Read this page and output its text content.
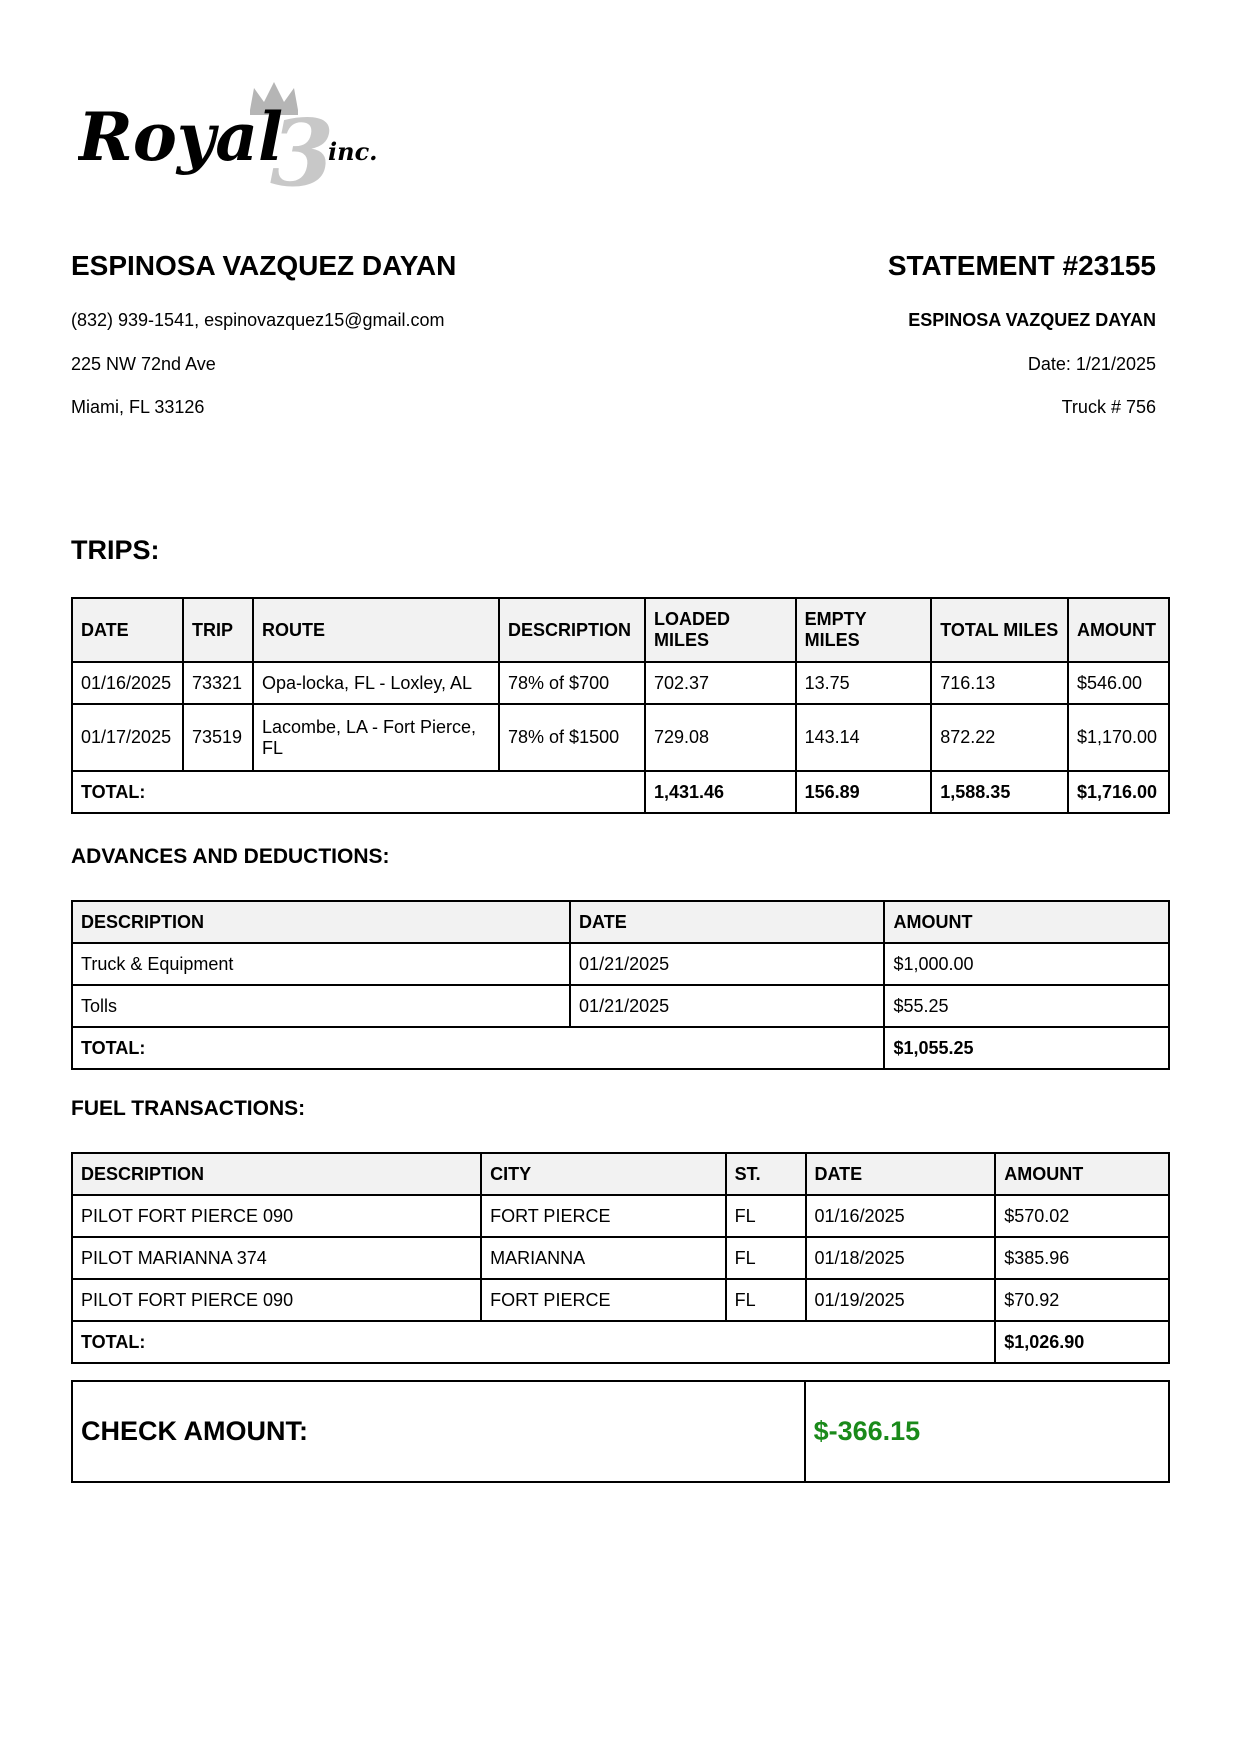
3
Royal inc.
ESPINOSA VAZQUEZ DAYAN
(832) 939-1541, espinovazquez15@gmail.com
225 NW 72nd Ave
Miami, FL 33126
STATEMENT #23155
ESPINOSA VAZQUEZ DAYAN
Date: 1/21/2025
Truck # 756
TRIPS:
DATE	TRIP	ROUTE	DESCRIPTION	LOADED MILES	EMPTY MILES	TOTAL MILES	AMOUNT
01/16/2025	73321	Opa-locka, FL - Loxley, AL	78% of $700	702.37	13.75	716.13	$546.00
01/17/2025	73519	Lacombe, LA - Fort Pierce, FL	78% of $1500	729.08	143.14	872.22	$1,170.00
TOTAL:				1,431.46	156.89	1,588.35	$1,716.00
ADVANCES AND DEDUCTIONS:
DESCRIPTION	DATE	AMOUNT
Truck & Equipment	01/21/2025	$1,000.00
Tolls	01/21/2025	$55.25
TOTAL:		$1,055.25
FUEL TRANSACTIONS:
DESCRIPTION	CITY	ST.	DATE	AMOUNT
PILOT FORT PIERCE 090	FORT PIERCE	FL	01/16/2025	$570.02
PILOT MARIANNA 374	MARIANNA	FL	01/18/2025	$385.96
PILOT FORT PIERCE 090	FORT PIERCE	FL	01/19/2025	$70.92
TOTAL:				$1,026.90
CHECK AMOUNT:	$-366.15
